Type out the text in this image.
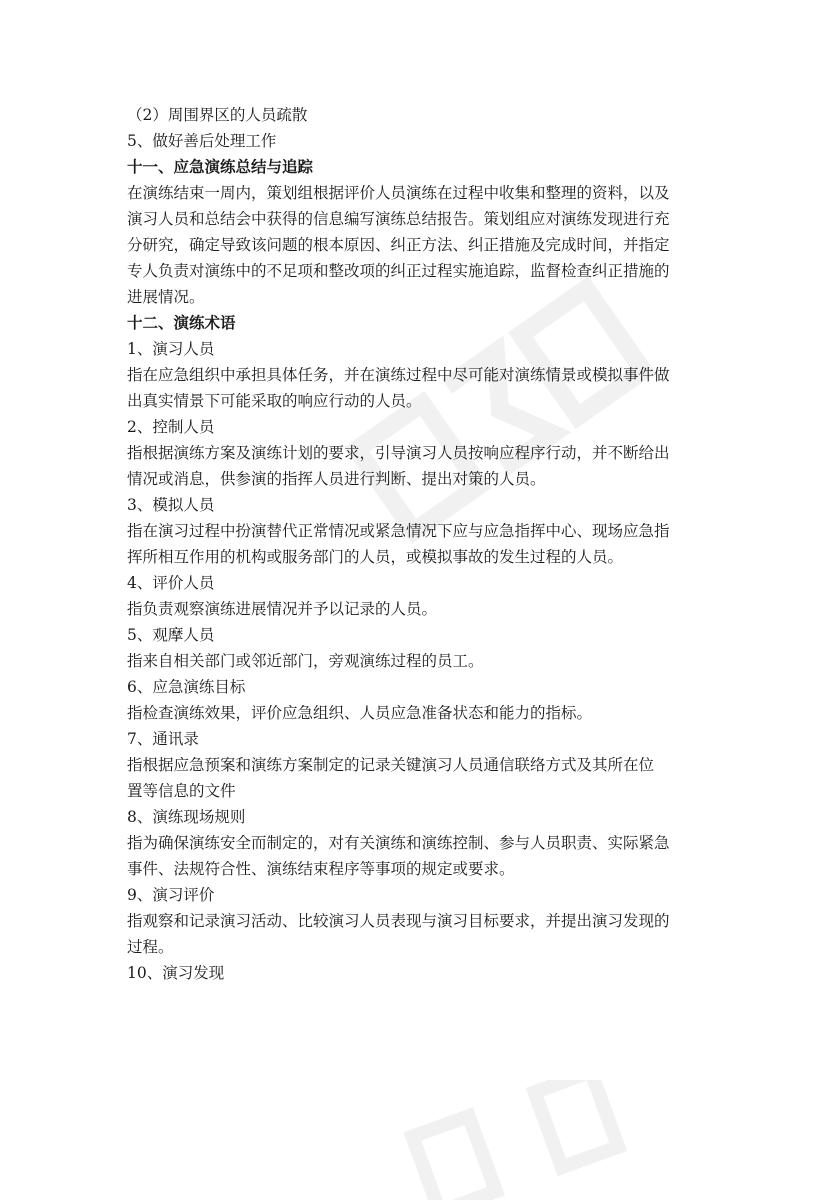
（2）周围界区的人员疏散
5、做好善后处理工作
十一、应急演练总结与追踪
在演练结束一周内，策划组根据评价人员演练在过程中收集和整理的资料，以及
演习人员和总结会中获得的信息编写演练总结报告。策划组应对演练发现进行充
分研究，确定导致该问题的根本原因、纠正方法、纠正措施及完成时间，并指定
专人负责对演练中的不足项和整改项的纠正过程实施追踪，监督检查纠正措施的
进展情况。
十二、演练术语
1、演习人员
指在应急组织中承担具体任务，并在演练过程中尽可能对演练情景或模拟事件做
出真实情景下可能采取的响应行动的人员。
2、控制人员
指根据演练方案及演练计划的要求，引导演习人员按响应程序行动，并不断给出
情况或消息，供参演的指挥人员进行判断、提出对策的人员。
3、模拟人员
指在演习过程中扮演替代正常情况或紧急情况下应与应急指挥中心、现场应急指
挥所相互作用的机构或服务部门的人员，或模拟事故的发生过程的人员。
4、评价人员
指负责观察演练进展情况并予以记录的人员。
5、观摩人员
指来自相关部门或邻近部门，旁观演练过程的员工。
6、应急演练目标
指检查演练效果，评价应急组织、人员应急准备状态和能力的指标。
7、通讯录
指根据应急预案和演练方案制定的记录关键演习人员通信联络方式及其所在位
置等信息的文件
8、演练现场规则
指为确保演练安全而制定的，对有关演练和演练控制、参与人员职责、实际紧急
事件、法规符合性、演练结束程序等事项的规定或要求。
9、演习评价
指观察和记录演习活动、比较演习人员表现与演习目标要求，并提出演习发现的
过程。
10、演习发现
